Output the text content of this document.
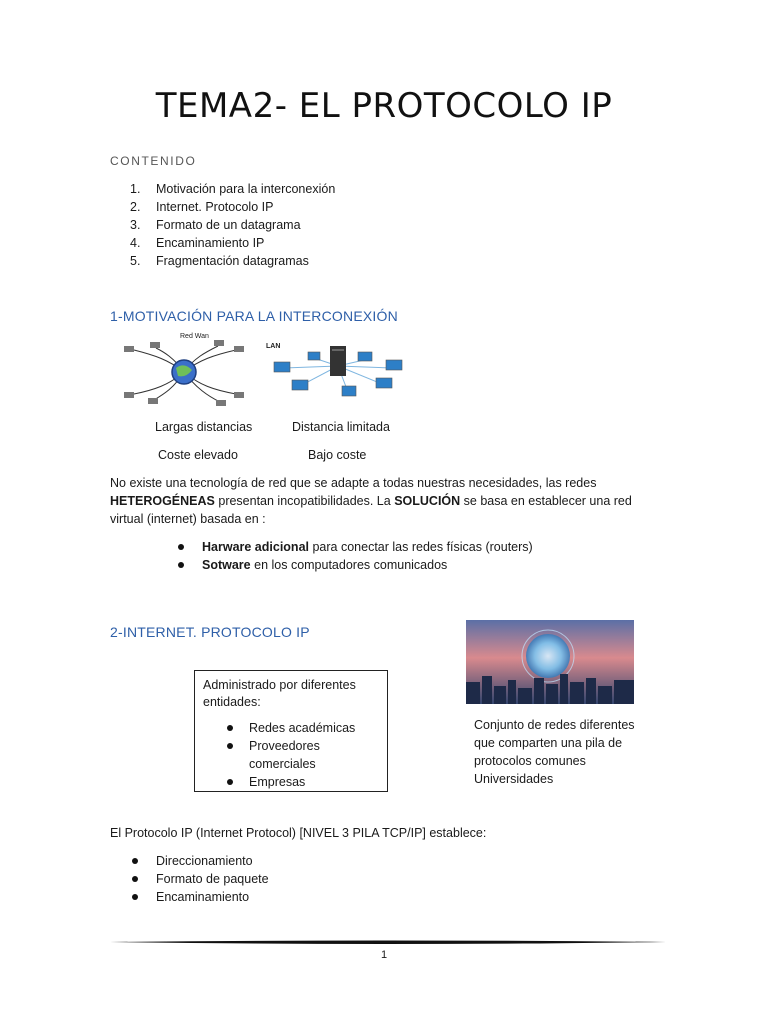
TEMA2- EL PROTOCOLO IP
CONTENIDO
1. Motivación para la interconexión
2. Internet. Protocolo IP
3. Formato de un datagrama
4. Encaminamiento IP
5. Fragmentación datagramas
1-MOTIVACIÓN PARA LA INTERCONEXIÓN
Red Wan
LAN
Largas distancias	Distancia limitada
Coste elevado	Bajo coste
No existe una tecnología de red que se adapte a todas nuestras necesidades, las redes HETEROGÉNEAS presentan incopatibilidades. La SOLUCIÓN se basa en establecer una red virtual (internet) basada en :
Harware adicional para conectar las redes físicas (routers)
Sotware en los computadores comunicados
2-INTERNET. PROTOCOLO IP
Administrado por diferentes entidades:
Redes académicas
Proveedores comerciales
Empresas
Conjunto de redes diferentes que comparten una pila de protocolos comunes Universidades
El Protocolo IP (Internet Protocol) [NIVEL 3 PILA TCP/IP] establece:
Direccionamiento
Formato de paquete
Encaminamiento
1
